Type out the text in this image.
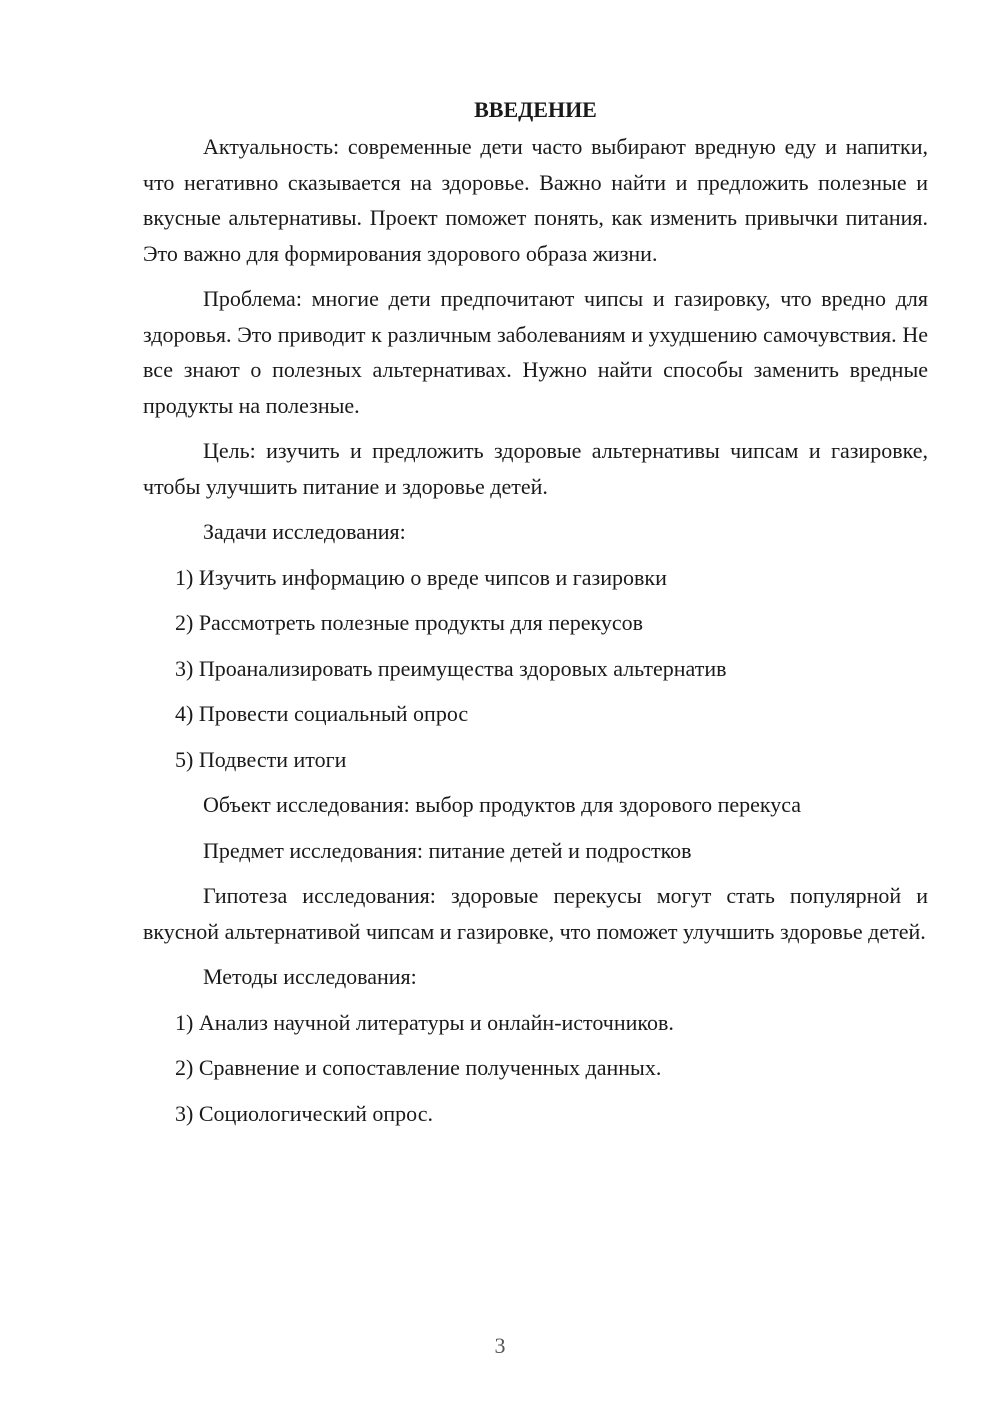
ВВЕДЕНИЕ

Актуальность: современные дети часто выбирают вредную еду и напитки, что негативно сказывается на здоровье. Важно найти и предложить полезные и вкусные альтернативы. Проект поможет понять, как изменить привычки питания. Это важно для формирования здорового образа жизни.

Проблема: многие дети предпочитают чипсы и газировку, что вредно для здоровья. Это приводит к различным заболеваниям и ухудшению самочувствия. Не все знают о полезных альтернативах. Нужно найти способы заменить вредные продукты на полезные.

Цель: изучить и предложить здоровые альтернативы чипсам и газировке, чтобы улучшить питание и здоровье детей.

Задачи исследования:
1) Изучить информацию о вреде чипсов и газировки
2) Рассмотреть полезные продукты для перекусов
3) Проанализировать преимущества здоровых альтернатив
4) Провести социальный опрос
5) Подвести итоги
Объект исследования: выбор продуктов для здорового перекуса
Предмет исследования: питание детей и подростков

Гипотеза исследования: здоровые перекусы могут стать популярной и вкусной альтернативой чипсам и газировке, что поможет улучшить здоровье детей.

Методы исследования:
1) Анализ научной литературы и онлайн-источников.
2) Сравнение и сопоставление полученных данных.
3) Социологический опрос.
3
